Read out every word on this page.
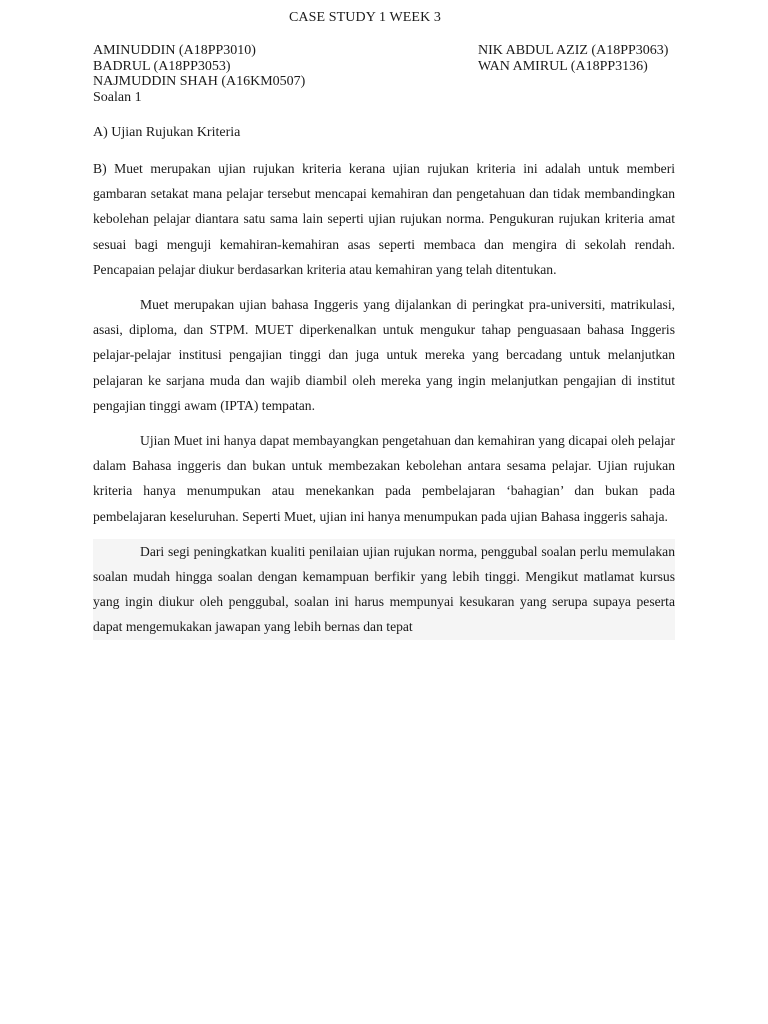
CASE STUDY 1 WEEK 3
AMINUDDIN (A18PP3010)	NIK ABDUL AZIZ (A18PP3063)
BADRUL (A18PP3053)	WAN AMIRUL (A18PP3136)
NAJMUDDIN SHAH (A16KM0507)
Soalan 1
A) Ujian Rujukan Kriteria

B) Muet merupakan ujian rujukan kriteria kerana ujian rujukan kriteria ini adalah untuk memberi gambaran setakat mana pelajar tersebut mencapai kemahiran dan pengetahuan dan tidak membandingkan kebolehan pelajar diantara satu sama lain seperti ujian rujukan norma. Pengukuran rujukan kriteria amat sesuai bagi menguji kemahiran-kemahiran asas seperti membaca dan mengira di sekolah rendah. Pencapaian pelajar diukur berdasarkan kriteria atau kemahiran yang telah ditentukan.

Muet merupakan ujian bahasa Inggeris yang dijalankan di peringkat pra-universiti, matrikulasi, asasi, diploma, dan STPM. MUET diperkenalkan untuk mengukur tahap penguasaan bahasa Inggeris pelajar-pelajar institusi pengajian tinggi dan juga untuk mereka yang bercadang untuk melanjutkan pelajaran ke sarjana muda dan wajib diambil oleh mereka yang ingin melanjutkan pengajian di institut pengajian tinggi awam (IPTA) tempatan.

Ujian Muet ini hanya dapat membayangkan pengetahuan dan kemahiran yang dicapai oleh pelajar dalam Bahasa inggeris dan bukan untuk membezakan kebolehan antara sesama pelajar. Ujian rujukan kriteria hanya menumpukan atau menekankan pada pembelajaran ‘bahagian’ dan bukan pada pembelajaran keseluruhan. Seperti Muet, ujian ini hanya menumpukan pada ujian Bahasa inggeris sahaja.

Dari segi peningkatkan kualiti penilaian ujian rujukan norma, penggubal soalan perlu memulakan soalan mudah hingga soalan dengan kemampuan berfikir yang lebih tinggi. Mengikut matlamat kursus yang ingin diukur oleh penggubal, soalan ini harus mempunyai kesukaran yang serupa supaya peserta dapat mengemukakan jawapan yang lebih bernas dan tepat
